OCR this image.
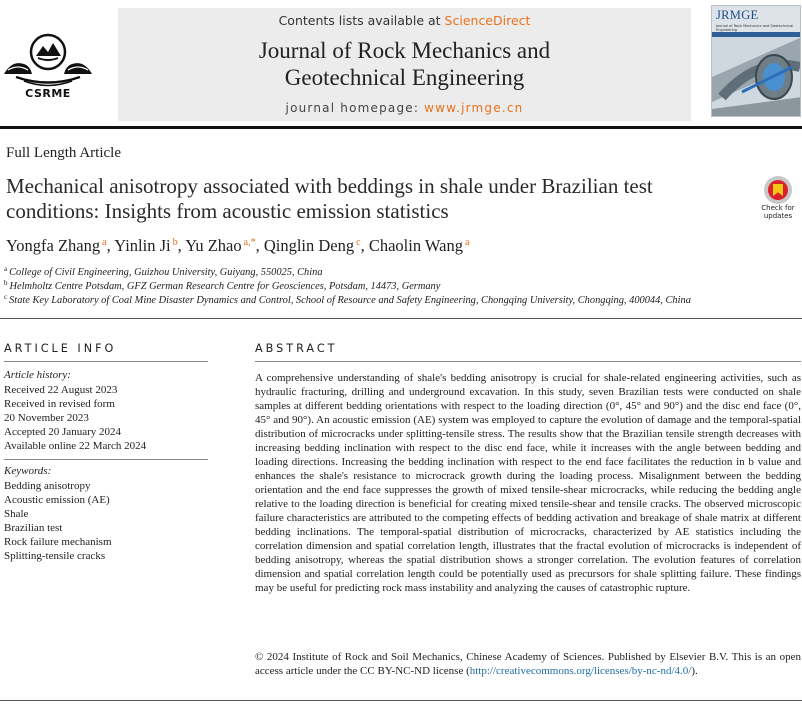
CSRME
Contents lists available at ScienceDirect
Journal of Rock Mechanics and
Geotechnical Engineering
journal homepage: www.jrmge.cn
JRMGE
Journal of Rock Mechanics and Geotechnical Engineering
Full Length Article
Mechanical anisotropy associated with beddings in shale under Brazilian test conditions: Insights from acoustic emission statistics	Check for updates
Yongfa Zhang $^a$, Yinlin Ji $^b$, Yu Zhao $^{a,*}$, Qinglin Deng $^c$, Chaolin Wang $^a$
$^a$ College of Civil Engineering, Guizhou University, Guiyang, 550025, China
$^b$ Helmholtz Centre Potsdam, GFZ German Research Centre for Geosciences, Potsdam, 14473, Germany
$^c$ State Key Laboratory of Coal Mine Disaster Dynamics and Control, School of Resource and Safety Engineering, Chongqing University, Chongqing, 400044, China
ARTICLE INFO
Article history:
Received 22 August 2023
Received in revised form
20 November 2023
Accepted 20 January 2024
Available online 22 March 2024
Keywords:
Bedding anisotropy
Acoustic emission (AE)
Shale
Brazilian test
Rock failure mechanism
Splitting-tensile cracks
ABSTRACT

A comprehensive understanding of shale's bedding anisotropy is crucial for shale-related engineering activities, such as hydraulic fracturing, drilling and underground excavation. In this study, seven Brazilian tests were conducted on shale samples at different bedding orientations with respect to the loading direction (0°, 45° and 90°) and the disc end face (0°, 45° and 90°). An acoustic emission (AE) system was employed to capture the evolution of damage and the temporal-spatial distribution of microcracks under splitting-tensile stress. The results show that the Brazilian tensile strength decreases with increasing bedding inclination with respect to the disc end face, while it increases with the angle between bedding and loading directions. Increasing the bedding inclination with respect to the end face facilitates the reduction in b value and enhances the shale's resistance to microcrack growth during the loading process. Misalignment between the bedding orientation and the end face suppresses the growth of mixed tensile-shear microcracks, while reducing the bedding angle relative to the loading direction is beneficial for creating mixed tensile-shear and tensile cracks. The observed microscopic failure characteristics are attributed to the competing effects of bedding activation and breakage of shale matrix at different bedding inclinations. The temporal-spatial distribution of microcracks, characterized by AE statistics including the correlation dimension and spatial correlation length, illustrates that the fractal evolution of microcracks is independent of bedding anisotropy, whereas the spatial distribution shows a stronger correlation. The evolution features of correlation dimension and spatial correlation length could be potentially used as precursors for shale splitting failure. These findings may be useful for predicting rock mass instability and analyzing the causes of catastrophic rupture.

© 2024 Institute of Rock and Soil Mechanics, Chinese Academy of Sciences. Published by Elsevier B.V. This is an open access article under the CC BY-NC-ND license (http://creativecommons.org/licenses/by-nc-nd/4.0/).
